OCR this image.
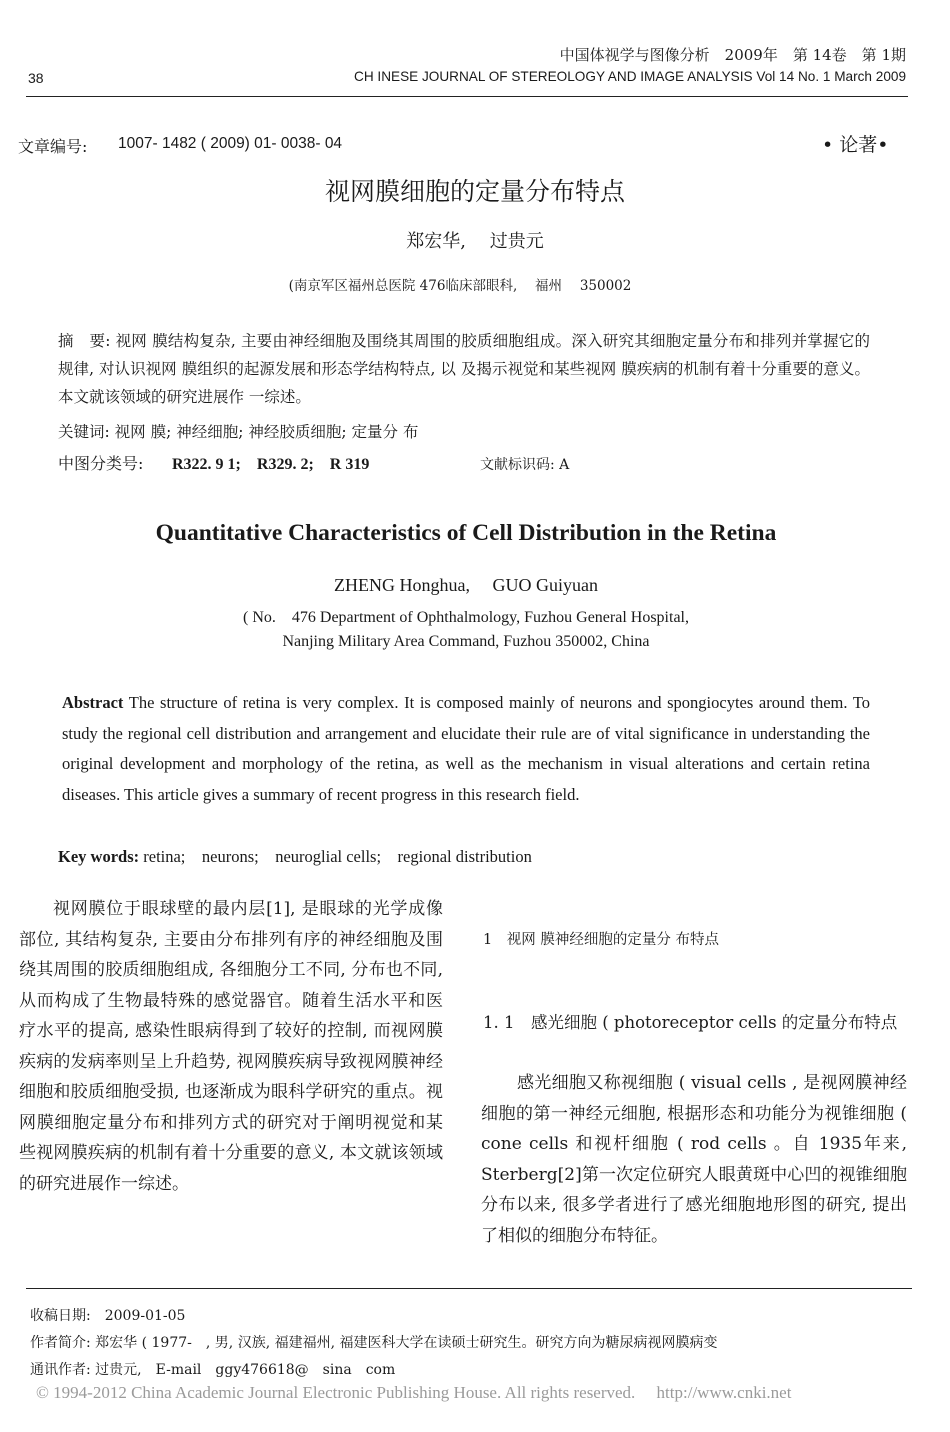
38
中国体视学与图像分析　2009年　第 14卷　第 1期
CH INESE JOURNAL OF STEREOLOGY AND IMAGE ANALYSIS Vol 14 No. 1 March 2009
文章编号: 1007- 1482 ( 2009) 01- 0038- 04	• 论著•
视网膜细胞的定量分布特点
郑宏华,　 过贵元
(南京军区福州总医院 476临床部眼科,　 福州　 350002
摘　要: 视网 膜结构复杂, 主要由神经细胞及围绕其周围的胶质细胞组成。深入研究其细胞定量分布和排列并掌握它的规律, 对认识视网 膜组织的起源发展和形态学结构特点, 以 及揭示视觉和某些视网 膜疾病的机制有着十分重要的意义。本文就该领域的研究进展作 一综述。
关键词: 视网 膜; 神经细胞; 神经胶质细胞; 定量分 布
中图分类号: R322. 9 1;　R329. 2;　R 319	文献标识码: A
Quantitative Characteristics of Cell Distribution in the Retina
ZHENG Honghua,　 GUO Guiyuan
( No.　476 Department of Ophthalmology, Fuzhou General Hospital,
Nanjing Military Area Command, Fuzhou 350002, China
Abstract The structure of retina is very complex. It is composed mainly of neurons and spongiocytes around them. To study the regional cell distribution and arrangement and elucidate their rule are of vital significance in understanding the original development and morphology of the retina, as well as the mechanism in visual alterations and certain retina diseases. This article gives a summary of recent progress in this research field.
Key words: retina;　neurons;　neuroglial cells;　regional distribution
视网膜位于眼球壁的最内层[1], 是眼球的光学成像部位, 其结构复杂, 主要由分布排列有序的神经细胞及围绕其周围的胶质细胞组成, 各细胞分工不同, 分布也不同, 从而构成了生物最特殊的感觉器官。随着生活水平和医疗水平的提高, 感染性眼病得到了较好的控制, 而视网膜疾病的发病率则呈上升趋势, 视网膜疾病导致视网膜神经细胞和胶质细胞受损, 也逐渐成为眼科学研究的重点。视网膜细胞定量分布和排列方式的研究对于阐明视觉和某些视网膜疾病的机制有着十分重要的意义, 本文就该领域的研究进展作一综述。
1　视网 膜神经细胞的定量分 布特点
1. 1　感光细胞 ( photoreceptor cells 的定量分布特点
感光细胞又称视细胞 ( visual cells , 是视网膜神经细胞的第一神经元细胞, 根据形态和功能分为视锥细胞 ( cone cells 和视杆细胞 ( rod cells 。自 1935年来, Sterberg[2]第一次定位研究人眼黄斑中心凹的视锥细胞分布以来, 很多学者进行了感光细胞地形图的研究, 提出了相似的细胞分布特征。
收稿日期:　2009-01-05
作者简介: 郑宏华 ( 1977-　, 男, 汉族, 福建福州, 福建医科大学在读硕士研究生。研究方向为糖尿病视网膜病变
通讯作者: 过贵元,　E-mail　ggy476618@　sina　com
© 1994-2012 China Academic Journal Electronic Publishing House. All rights reserved.　 http://www.cnki.net
